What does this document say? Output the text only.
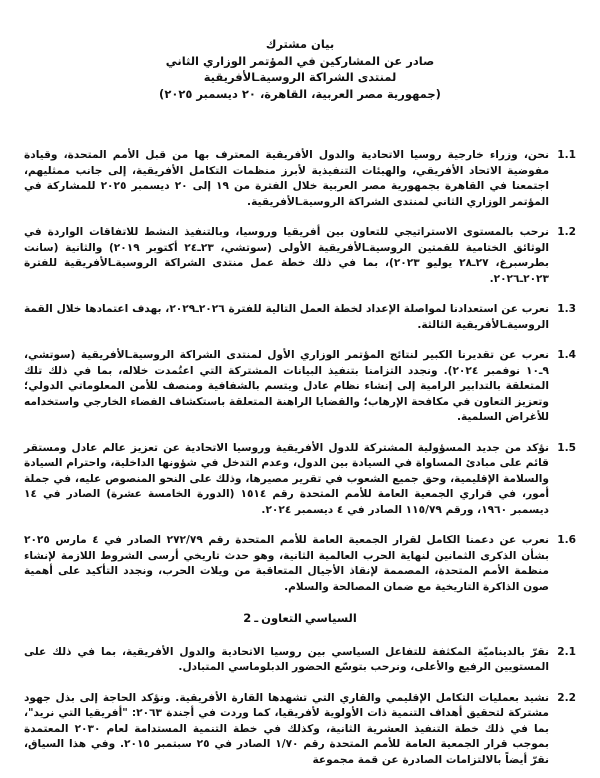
بيان مشترك
صادر عن المشاركين في المؤتمر الوزاري الثاني
لمنتدى الشراكة الروسيةـالأفريقية
(جمهورية مصر العربية، القاهرة، ٢٠ ديسمبر ٢٠٢٥)
1.1
نحن، وزراء خارجية روسيا الاتحادية والدول الأفريقية المعترف بها من قبل الأمم المتحدة، وقيادة مفوضية الاتحاد الأفريقي، والهيئات التنفيذية لأبرز منظمات التكامل الأفريقية، إلى جانب ممثليهم، اجتمعنا في القاهرة بجمهورية مصر العربية خلال الفترة من ١٩ إلى ٢٠ ديسمبر ٢٠٢٥ للمشاركة في المؤتمر الوزاري الثاني لمنتدى الشراكة الروسيةـالأفريقية.
1.2
نرحب بالمستوى الاستراتيجي للتعاون بين أفريقيا وروسيا، وبالتنفيذ النشط للاتفاقات الواردة في الوثائق الختامية للقمتين الروسيةـالأفريقية الأولى (سوتشي، ٢٣ـ٢٤ أكتوبر ٢٠١٩) والثانية (سانت بطرسبرغ، ٢٧ـ٢٨ يوليو ٢٠٢٣)، بما في ذلك خطة عمل منتدى الشراكة الروسيةـالأفريقية للفترة ٢٠٢٣ـ٢٠٢٦.
1.3
نعرب عن استعدادنا لمواصلة الإعداد لخطة العمل التالية للفترة ٢٠٢٦ـ٢٠٢٩، بهدف اعتمادها خلال القمة الروسيةـالأفريقية الثالثة.
1.4
نعرب عن تقديرنا الكبير لنتائج المؤتمر الوزاري الأول لمنتدى الشراكة الروسيةـالأفريقية (سوتشي، ٩ـ١٠ نوفمبر ٢٠٢٤). ونجدد التزامنا بتنفيذ البيانات المشتركة التي اعتُمدت خلاله، بما في ذلك تلك المتعلقة بالتدابير الرامية إلى إنشاء نظام عادل ويتسم بالشفافية ومنصف للأمن المعلوماتي الدولي؛ وتعزيز التعاون في مكافحة الإرهاب؛ والقضايا الراهنة المتعلقة باستكشاف الفضاء الخارجي واستخدامه للأغراض السلمية.
1.5
نؤكد من جديد المسؤولية المشتركة للدول الأفريقية وروسيا الاتحادية عن تعزيز عالم عادل ومستقر قائم على مبادئ المساواة في السيادة بين الدول، وعدم التدخل في شؤونها الداخلية، واحترام السيادة والسلامة الإقليمية، وحق جميع الشعوب في تقرير مصيرها، وذلك على النحو المنصوص عليه، في جملة أمور، في قراري الجمعية العامة للأمم المتحدة رقم ١٥١٤ (الدورة الخامسة عشرة) الصادر في ١٤ ديسمبر ١٩٦٠، ورقم ١١٥/٧٩ الصادر في ٤ ديسمبر ٢٠٢٤.
1.6
نعرب عن دعمنا الكامل لقرار الجمعية العامة للأمم المتحدة رقم ٢٧٢/٧٩ الصادر في ٤ مارس ٢٠٢٥ بشأن الذكرى الثمانين لنهاية الحرب العالمية الثانية، وهو حدث تاريخي أرسى الشروط اللازمة لإنشاء منظمة الأمم المتحدة، المصممة لإنقاذ الأجيال المتعاقبة من ويلات الحرب، ونجدد التأكيد على أهمية صون الذاكرة التاريخية مع ضمان المصالحة والسلام.
2 ـ التعاون السياسي
2.1
نقرّ بالديناميّة المكثفة للتفاعل السياسي بين روسيا الاتحادية والدول الأفريقية، بما في ذلك على المستويين الرفيع والأعلى، ونرحب بتوسّع الحضور الدبلوماسي المتبادل.
2.2
نشيد بعمليات التكامل الإقليمي والقاري التي تشهدها القارة الأفريقية. ونؤكد الحاجة إلى بذل جهود مشتركة لتحقيق أهداف التنمية ذات الأولوية لأفريقيا، كما وردت في أجندة ٢٠٦٣: "أفريقيا التي نريد"، بما في ذلك خطة التنفيذ العشرية الثانية، وكذلك في خطة التنمية المستدامة لعام ٢٠٣٠ المعتمدة بموجب قرار الجمعية العامة للأمم المتحدة رقم ١/٧٠ الصادر في ٢٥ سبتمبر ٢٠١٥. وفي هذا السياق، نقرّ أيضاً بالالتزامات الصادرة عن قمة مجموعة
